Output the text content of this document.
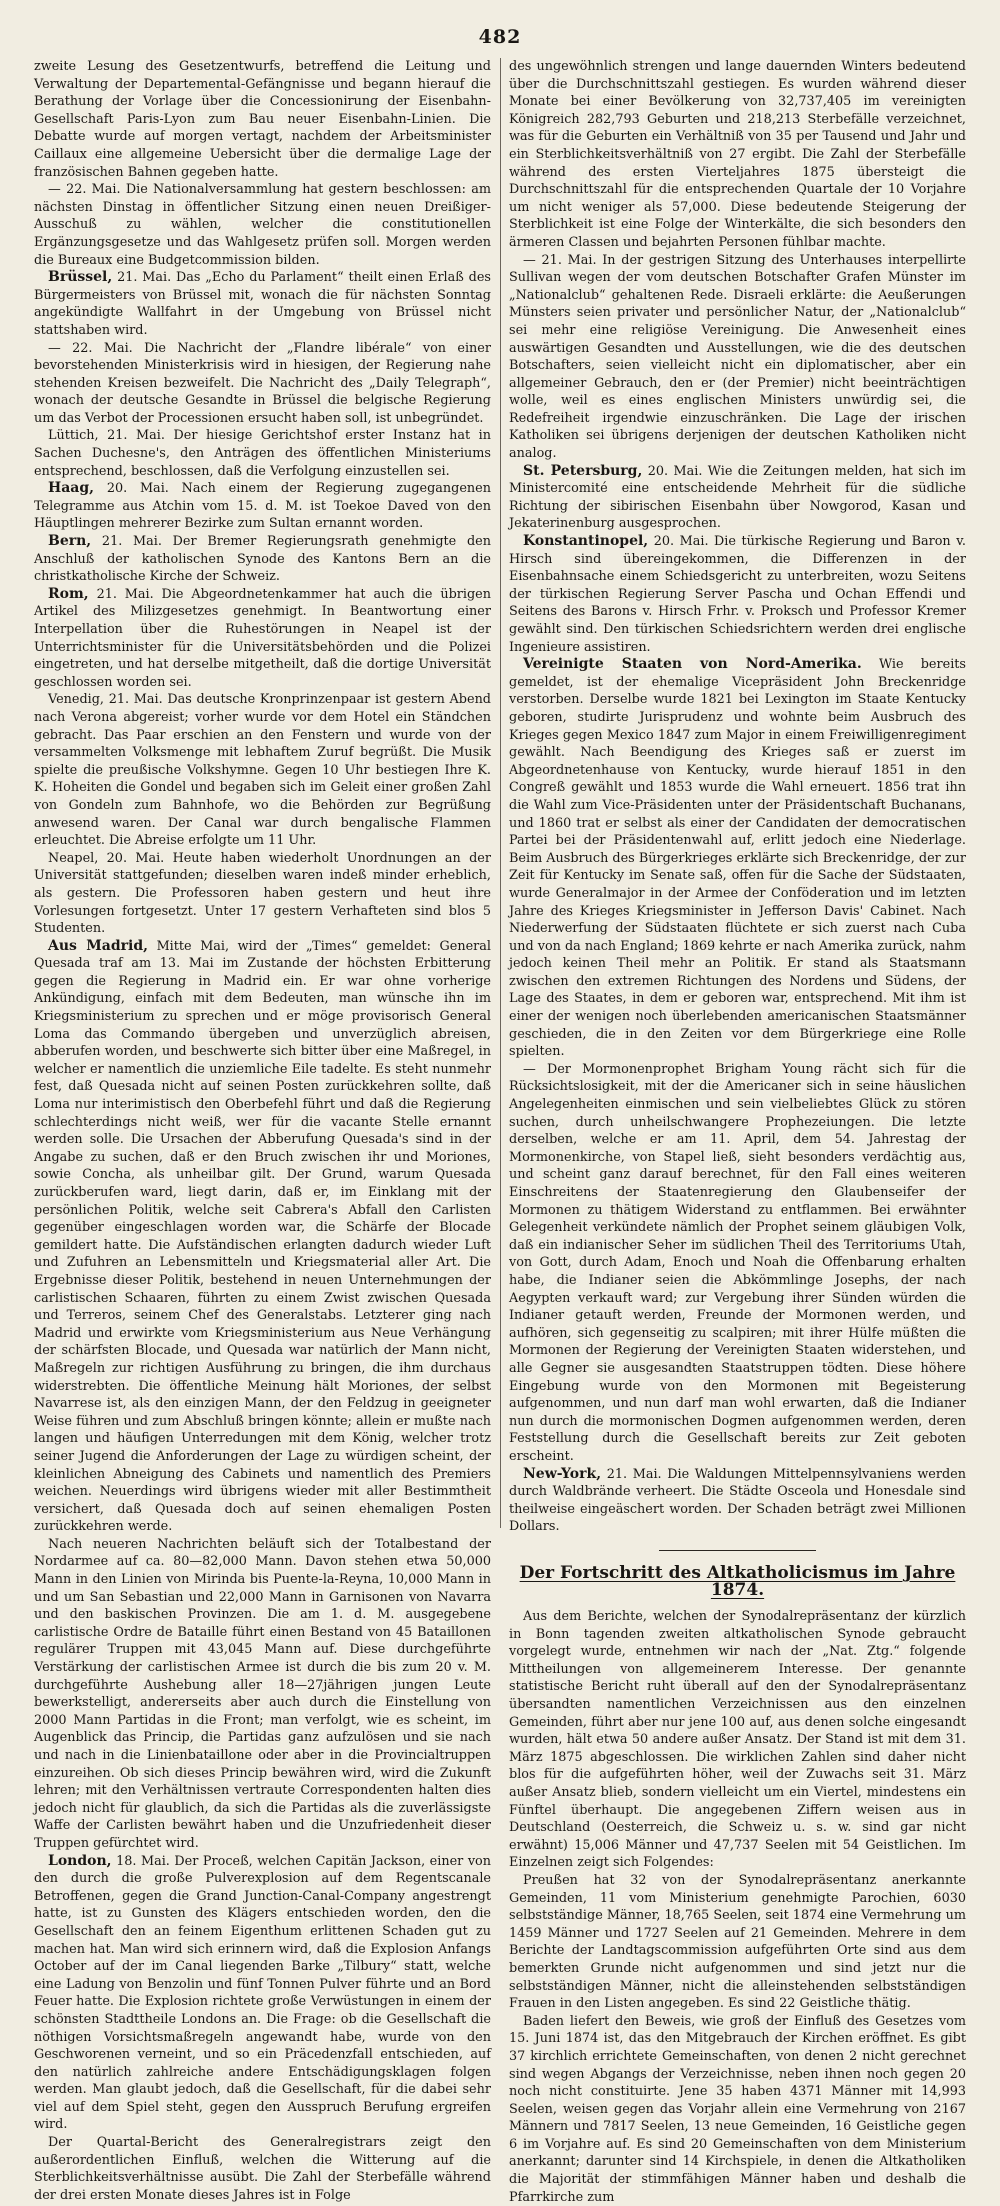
482

zweite Lesung des Gesetzentwurfs, betreffend die Leitung und Verwaltung der Departemental-Gefängnisse und begann hierauf die Berathung der Vorlage über die Concessionirung der Eisenbahn-Gesellschaft Paris-Lyon zum Bau neuer Eisenbahn-Linien. Die Debatte wurde auf morgen vertagt, nachdem der Arbeitsminister Caillaux eine allgemeine Uebersicht über die dermalige Lage der französischen Bahnen gegeben hatte.

— 22. Mai. Die Nationalversammlung hat gestern beschlossen: am nächsten Dinstag in öffentlicher Sitzung einen neuen Dreißiger-Ausschuß zu wählen, welcher die constitutionellen Ergänzungsgesetze und das Wahlgesetz prüfen soll. Morgen werden die Bureaux eine Budgetcommission bilden.

Brüssel, 21. Mai. Das „Echo du Parlament“ theilt einen Erlaß des Bürgermeisters von Brüssel mit, wonach die für nächsten Sonntag angekündigte Wallfahrt in der Umgebung von Brüssel nicht stattshaben wird.

— 22. Mai. Die Nachricht der „Flandre libérale“ von einer bevorstehenden Ministerkrisis wird in hiesigen, der Regierung nahe stehenden Kreisen bezweifelt. Die Nachricht des „Daily Telegraph“, wonach der deutsche Gesandte in Brüssel die belgische Regierung um das Verbot der Processionen ersucht haben soll, ist unbegründet.

Lüttich, 21. Mai. Der hiesige Gerichtshof erster Instanz hat in Sachen Duchesne's, den Anträgen des öffentlichen Ministeriums entsprechend, beschlossen, daß die Verfolgung einzustellen sei.

Haag, 20. Mai. Nach einem der Regierung zugegangenen Telegramme aus Atchin vom 15. d. M. ist Toekoe Daved von den Häuptlingen mehrerer Bezirke zum Sultan ernannt worden.

Bern, 21. Mai. Der Bremer Regierungsrath genehmigte den Anschluß der katholischen Synode des Kantons Bern an die christkatholische Kirche der Schweiz.

Rom, 21. Mai. Die Abgeordnetenkammer hat auch die übrigen Artikel des Milizgesetzes genehmigt. In Beantwortung einer Interpellation über die Ruhestörungen in Neapel ist der Unterrichtsminister für die Universitätsbehörden und die Polizei eingetreten, und hat derselbe mitgetheilt, daß die dortige Universität geschlossen worden sei.

Venedig, 21. Mai. Das deutsche Kronprinzenpaar ist gestern Abend nach Verona abgereist; vorher wurde vor dem Hotel ein Ständchen gebracht. Das Paar erschien an den Fenstern und wurde von der versammelten Volksmenge mit lebhaftem Zuruf begrüßt. Die Musik spielte die preußische Volkshymne. Gegen 10 Uhr bestiegen Ihre K. K. Hoheiten die Gondel und begaben sich im Geleit einer großen Zahl von Gondeln zum Bahnhofe, wo die Behörden zur Begrüßung anwesend waren. Der Canal war durch bengalische Flammen erleuchtet. Die Abreise erfolgte um 11 Uhr.

Neapel, 20. Mai. Heute haben wiederholt Unordnungen an der Universität stattgefunden; dieselben waren indeß minder erheblich, als gestern. Die Professoren haben gestern und heut ihre Vorlesungen fortgesetzt. Unter 17 gestern Verhafteten sind blos 5 Studenten.

Aus Madrid, Mitte Mai, wird der „Times“ gemeldet: General Quesada traf am 13. Mai im Zustande der höchsten Erbitterung gegen die Regierung in Madrid ein. Er war ohne vorherige Ankündigung, einfach mit dem Bedeuten, man wünsche ihn im Kriegsministerium zu sprechen und er möge provisorisch General Loma das Commando übergeben und unverzüglich abreisen, abberufen worden, und beschwerte sich bitter über eine Maßregel, in welcher er namentlich die unziemliche Eile tadelte. Es steht nunmehr fest, daß Quesada nicht auf seinen Posten zurückkehren sollte, daß Loma nur interimistisch den Oberbefehl führt und daß die Regierung schlechterdings nicht weiß, wer für die vacante Stelle ernannt werden solle. Die Ursachen der Abberufung Quesada's sind in der Angabe zu suchen, daß er den Bruch zwischen ihr und Moriones, sowie Concha, als unheilbar gilt. Der Grund, warum Quesada zurückberufen ward, liegt darin, daß er, im Einklang mit der persönlichen Politik, welche seit Cabrera's Abfall den Carlisten gegenüber eingeschlagen worden war, die Schärfe der Blocade gemildert hatte. Die Aufständischen erlangten dadurch wieder Luft und Zufuhren an Lebensmitteln und Kriegsmaterial aller Art. Die Ergebnisse dieser Politik, bestehend in neuen Unternehmungen der carlistischen Schaaren, führten zu einem Zwist zwischen Quesada und Terreros, seinem Chef des Generalstabs. Letzterer ging nach Madrid und erwirkte vom Kriegsministerium aus Neue Verhängung der schärfsten Blocade, und Quesada war natürlich der Mann nicht, Maßregeln zur richtigen Ausführung zu bringen, die ihm durchaus widerstrebten. Die öffentliche Meinung hält Moriones, der selbst Navarrese ist, als den einzigen Mann, der den Feldzug in geeigneter Weise führen und zum Abschluß bringen könnte; allein er mußte nach langen und häufigen Unterredungen mit dem König, welcher trotz seiner Jugend die Anforderungen der Lage zu würdigen scheint, der kleinlichen Abneigung des Cabinets und namentlich des Premiers weichen. Neuerdings wird übrigens wieder mit aller Bestimmtheit versichert, daß Quesada doch auf seinen ehemaligen Posten zurückkehren werde.

Nach neueren Nachrichten beläuft sich der Totalbestand der Nordarmee auf ca. 80—82,000 Mann. Davon stehen etwa 50,000 Mann in den Linien von Mirinda bis Puente-la-Reyna, 10,000 Mann in und um San Sebastian und 22,000 Mann in Garnisonen von Navarra und den baskischen Provinzen. Die am 1. d. M. ausgegebene carlistische Ordre de Bataille führt einen Bestand von 45 Bataillonen regulärer Truppen mit 43,045 Mann auf. Diese durchgeführte Verstärkung der carlistischen Armee ist durch die bis zum 20 v. M. durchgeführte Aushebung aller 18—27jährigen jungen Leute bewerkstelligt, andererseits aber auch durch die Einstellung von 2000 Mann Partidas in die Front; man verfolgt, wie es scheint, im Augenblick das Princip, die Partidas ganz aufzulösen und sie nach und nach in die Linienbataillone oder aber in die Provincialtruppen einzureihen. Ob sich dieses Princip bewähren wird, wird die Zukunft lehren; mit den Verhältnissen vertraute Correspondenten halten dies jedoch nicht für glaublich, da sich die Partidas als die zuverlässigste Waffe der Carlisten bewährt haben und die Unzufriedenheit dieser Truppen gefürchtet wird.

London, 18. Mai. Der Proceß, welchen Capitän Jackson, einer von den durch die große Pulverexplosion auf dem Regentscanale Betroffenen, gegen die Grand Junction-Canal-Company angestrengt hatte, ist zu Gunsten des Klägers entschieden worden, den die Gesellschaft den an feinem Eigenthum erlittenen Schaden gut zu machen hat. Man wird sich erinnern wird, daß die Explosion Anfangs October auf der im Canal liegenden Barke „Tilbury“ statt, welche eine Ladung von Benzolin und fünf Tonnen Pulver führte und an Bord Feuer hatte. Die Explosion richtete große Verwüstungen in einem der schönsten Stadttheile Londons an. Die Frage: ob die Gesellschaft die nöthigen Vorsichtsmaßregeln angewandt habe, wurde von den Geschworenen verneint, und so ein Präcedenzfall entschieden, auf den natürlich zahlreiche andere Entschädigungsklagen folgen werden. Man glaubt jedoch, daß die Gesellschaft, für die dabei sehr viel auf dem Spiel steht, gegen den Ausspruch Berufung ergreifen wird.

Der Quartal-Bericht des Generalregistrars zeigt den außerordentlichen Einfluß, welchen die Witterung auf die Sterblichkeitsverhältnisse ausübt. Die Zahl der Sterbefälle während der drei ersten Monate dieses Jahres ist in Folge

des ungewöhnlich strengen und lange dauernden Winters bedeutend über die Durchschnittszahl gestiegen. Es wurden während dieser Monate bei einer Bevölkerung von 32,737,405 im vereinigten Königreich 282,793 Geburten und 218,213 Sterbefälle verzeichnet, was für die Geburten ein Verhältniß von 35 per Tausend und Jahr und ein Sterblichkeitsverhältniß von 27 ergibt. Die Zahl der Sterbefälle während des ersten Vierteljahres 1875 übersteigt die Durchschnittszahl für die entsprechenden Quartale der 10 Vorjahre um nicht weniger als 57,000. Diese bedeutende Steigerung der Sterblichkeit ist eine Folge der Winterkälte, die sich besonders den ärmeren Classen und bejahrten Personen fühlbar machte.

— 21. Mai. In der gestrigen Sitzung des Unterhauses interpellirte Sullivan wegen der vom deutschen Botschafter Grafen Münster im „Nationalclub“ gehaltenen Rede. Disraeli erklärte: die Aeußerungen Münsters seien privater und persönlicher Natur, der „Nationalclub“ sei mehr eine religiöse Vereinigung. Die Anwesenheit eines auswärtigen Gesandten und Ausstellungen, wie die des deutschen Botschafters, seien vielleicht nicht ein diplomatischer, aber ein allgemeiner Gebrauch, den er (der Premier) nicht beeinträchtigen wolle, weil es eines englischen Ministers unwürdig sei, die Redefreiheit irgendwie einzuschränken. Die Lage der irischen Katholiken sei übrigens derjenigen der deutschen Katholiken nicht analog.

St. Petersburg, 20. Mai. Wie die Zeitungen melden, hat sich im Ministercomité eine entscheidende Mehrheit für die südliche Richtung der sibirischen Eisenbahn über Nowgorod, Kasan und Jekaterinenburg ausgesprochen.

Konstantinopel, 20. Mai. Die türkische Regierung und Baron v. Hirsch sind übereingekommen, die Differenzen in der Eisenbahnsache einem Schiedsgericht zu unterbreiten, wozu Seitens der türkischen Regierung Server Pascha und Ochan Effendi und Seitens des Barons v. Hirsch Frhr. v. Proksch und Professor Kremer gewählt sind. Den türkischen Schiedsrichtern werden drei englische Ingenieure assistiren.

Vereinigte Staaten von Nord-Amerika. Wie bereits gemeldet, ist der ehemalige Vicepräsident John Breckenridge verstorben. Derselbe wurde 1821 bei Lexington im Staate Kentucky geboren, studirte Jurisprudenz und wohnte beim Ausbruch des Krieges gegen Mexico 1847 zum Major in einem Freiwilligenregiment gewählt. Nach Beendigung des Krieges saß er zuerst im Abgeordnetenhause von Kentucky, wurde hierauf 1851 in den Congreß gewählt und 1853 wurde die Wahl erneuert. 1856 trat ihn die Wahl zum Vice-Präsidenten unter der Präsidentschaft Buchanans, und 1860 trat er selbst als einer der Candidaten der democratischen Partei bei der Präsidentenwahl auf, erlitt jedoch eine Niederlage. Beim Ausbruch des Bürgerkrieges erklärte sich Breckenridge, der zur Zeit für Kentucky im Senate saß, offen für die Sache der Südstaaten, wurde Generalmajor in der Armee der Conföderation und im letzten Jahre des Krieges Kriegsminister in Jefferson Davis' Cabinet. Nach Niederwerfung der Südstaaten flüchtete er sich zuerst nach Cuba und von da nach England; 1869 kehrte er nach Amerika zurück, nahm jedoch keinen Theil mehr an Politik. Er stand als Staatsmann zwischen den extremen Richtungen des Nordens und Südens, der Lage des Staates, in dem er geboren war, entsprechend. Mit ihm ist einer der wenigen noch überlebenden americanischen Staatsmänner geschieden, die in den Zeiten vor dem Bürgerkriege eine Rolle spielten.

— Der Mormonenprophet Brigham Young rächt sich für die Rücksichtslosigkeit, mit der die Americaner sich in seine häuslichen Angelegenheiten einmischen und sein vielbeliebtes Glück zu stören suchen, durch unheilschwangere Prophezeiungen. Die letzte derselben, welche er am 11. April, dem 54. Jahrestag der Mormonenkirche, von Stapel ließ, sieht besonders verdächtig aus, und scheint ganz darauf berechnet, für den Fall eines weiteren Einschreitens der Staatenregierung den Glaubenseifer der Mormonen zu thätigem Widerstand zu entflammen. Bei erwähnter Gelegenheit verkündete nämlich der Prophet seinem gläubigen Volk, daß ein indianischer Seher im südlichen Theil des Territoriums Utah, von Gott, durch Adam, Enoch und Noah die Offenbarung erhalten habe, die Indianer seien die Abkömmlinge Josephs, der nach Aegypten verkauft ward; zur Vergebung ihrer Sünden würden die Indianer getauft werden, Freunde der Mormonen werden, und aufhören, sich gegenseitig zu scalpiren; mit ihrer Hülfe müßten die Mormonen der Regierung der Vereinigten Staaten widerstehen, und alle Gegner sie ausgesandten Staatstruppen tödten. Diese höhere Eingebung wurde von den Mormonen mit Begeisterung aufgenommen, und nun darf man wohl erwarten, daß die Indianer nun durch die mormonischen Dogmen aufgenommen werden, deren Feststellung durch die Gesellschaft bereits zur Zeit geboten erscheint.

New-York, 21. Mai. Die Waldungen Mittelpennsylvaniens werden durch Waldbrände verheert. Die Städte Osceola und Honesdale sind theilweise eingeäschert worden. Der Schaden beträgt zwei Millionen Dollars.

Der Fortschritt des Altkatholicismus im Jahre 1874.

Aus dem Berichte, welchen der Synodalrepräsentanz der kürzlich in Bonn tagenden zweiten altkatholischen Synode gebraucht vorgelegt wurde, entnehmen wir nach der „Nat. Ztg.“ folgende Mittheilungen von allgemeinerem Interesse. Der genannte statistische Bericht ruht überall auf den der Synodalrepräsentanz übersandten namentlichen Verzeichnissen aus den einzelnen Gemeinden, führt aber nur jene 100 auf, aus denen solche eingesandt wurden, hält etwa 50 andere außer Ansatz. Der Stand ist mit dem 31. März 1875 abgeschlossen. Die wirklichen Zahlen sind daher nicht blos für die aufgeführten höher, weil der Zuwachs seit 31. März außer Ansatz blieb, sondern vielleicht um ein Viertel, mindestens ein Fünftel überhaupt. Die angegebenen Ziffern weisen aus in Deutschland (Oesterreich, die Schweiz u. s. w. sind gar nicht erwähnt) 15,006 Männer und 47,737 Seelen mit 54 Geistlichen. Im Einzelnen zeigt sich Folgendes:

Preußen hat 32 von der Synodalrepräsentanz anerkannte Gemeinden, 11 vom Ministerium genehmigte Parochien, 6030 selbstständige Männer, 18,765 Seelen, seit 1874 eine Vermehrung um 1459 Männer und 1727 Seelen auf 21 Gemeinden. Mehrere in dem Berichte der Landtagscommission aufgeführten Orte sind aus dem bemerkten Grunde nicht aufgenommen und sind jetzt nur die selbstständigen Männer, nicht die alleinstehenden selbstständigen Frauen in den Listen angegeben. Es sind 22 Geistliche thätig.

Baden liefert den Beweis, wie groß der Einfluß des Gesetzes vom 15. Juni 1874 ist, das den Mitgebrauch der Kirchen eröffnet. Es gibt 37 kirchlich errichtete Gemeinschaften, von denen 2 nicht gerechnet sind wegen Abgangs der Verzeichnisse, neben ihnen noch gegen 20 noch nicht constituirte. Jene 35 haben 4371 Männer mit 14,993 Seelen, weisen gegen das Vorjahr allein eine Vermehrung von 2167 Männern und 7817 Seelen, 13 neue Gemeinden, 16 Geistliche gegen 6 im Vorjahre auf. Es sind 20 Gemeinschaften von dem Ministerium anerkannt; darunter sind 14 Kirchspiele, in denen die Altkatholiken die Majorität der stimmfähigen Männer haben und deshalb die Pfarrkirche zum
